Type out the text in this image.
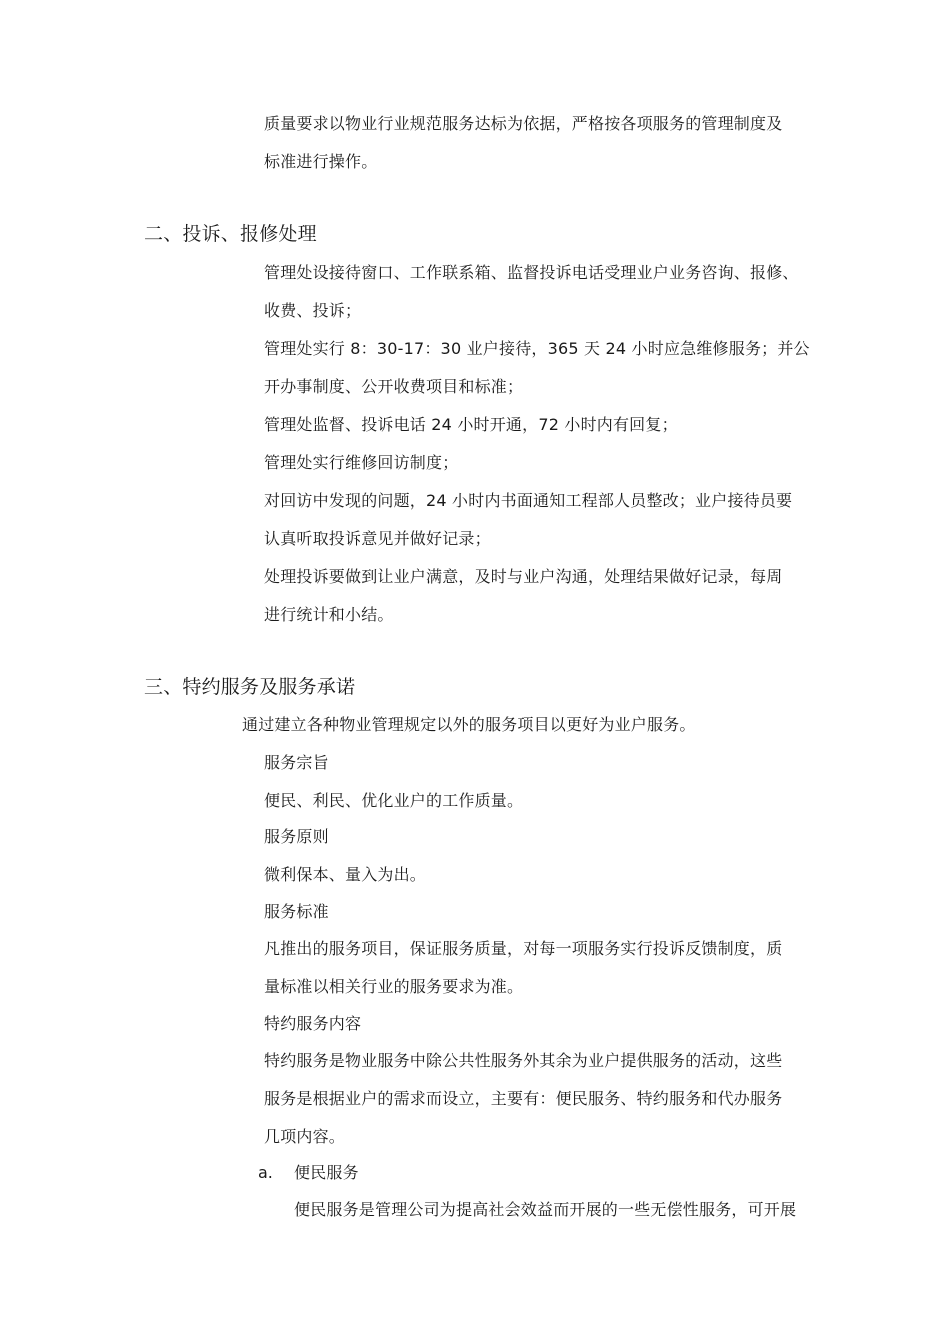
质量要求以物业行业规范服务达标为依据，严格按各项服务的管理制度及
标准进行操作。
二、投诉、报修处理
管理处设接待窗口、工作联系箱、监督投诉电话受理业户业务咨询、报修、
收费、投诉；
管理处实行 8：30-17：30 业户接待，365 天 24 小时应急维修服务；并公
开办事制度、公开收费项目和标准；
管理处监督、投诉电话 24 小时开通，72 小时内有回复；
管理处实行维修回访制度；
对回访中发现的问题，24 小时内书面通知工程部人员整改；业户接待员要
认真听取投诉意见并做好记录；
处理投诉要做到让业户满意，及时与业户沟通，处理结果做好记录，每周
进行统计和小结。
三、特约服务及服务承诺
通过建立各种物业管理规定以外的服务项目以更好为业户服务。
服务宗旨
便民、利民、优化业户的工作质量。
服务原则
微利保本、量入为出。
服务标准
凡推出的服务项目，保证服务质量，对每一项服务实行投诉反馈制度，质
量标准以相关行业的服务要求为准。
特约服务内容
特约服务是物业服务中除公共性服务外其余为业户提供服务的活动，这些
服务是根据业户的需求而设立，主要有：便民服务、特约服务和代办服务
几项内容。
a. 便民服务
便民服务是管理公司为提高社会效益而开展的一些无偿性服务，可开展
